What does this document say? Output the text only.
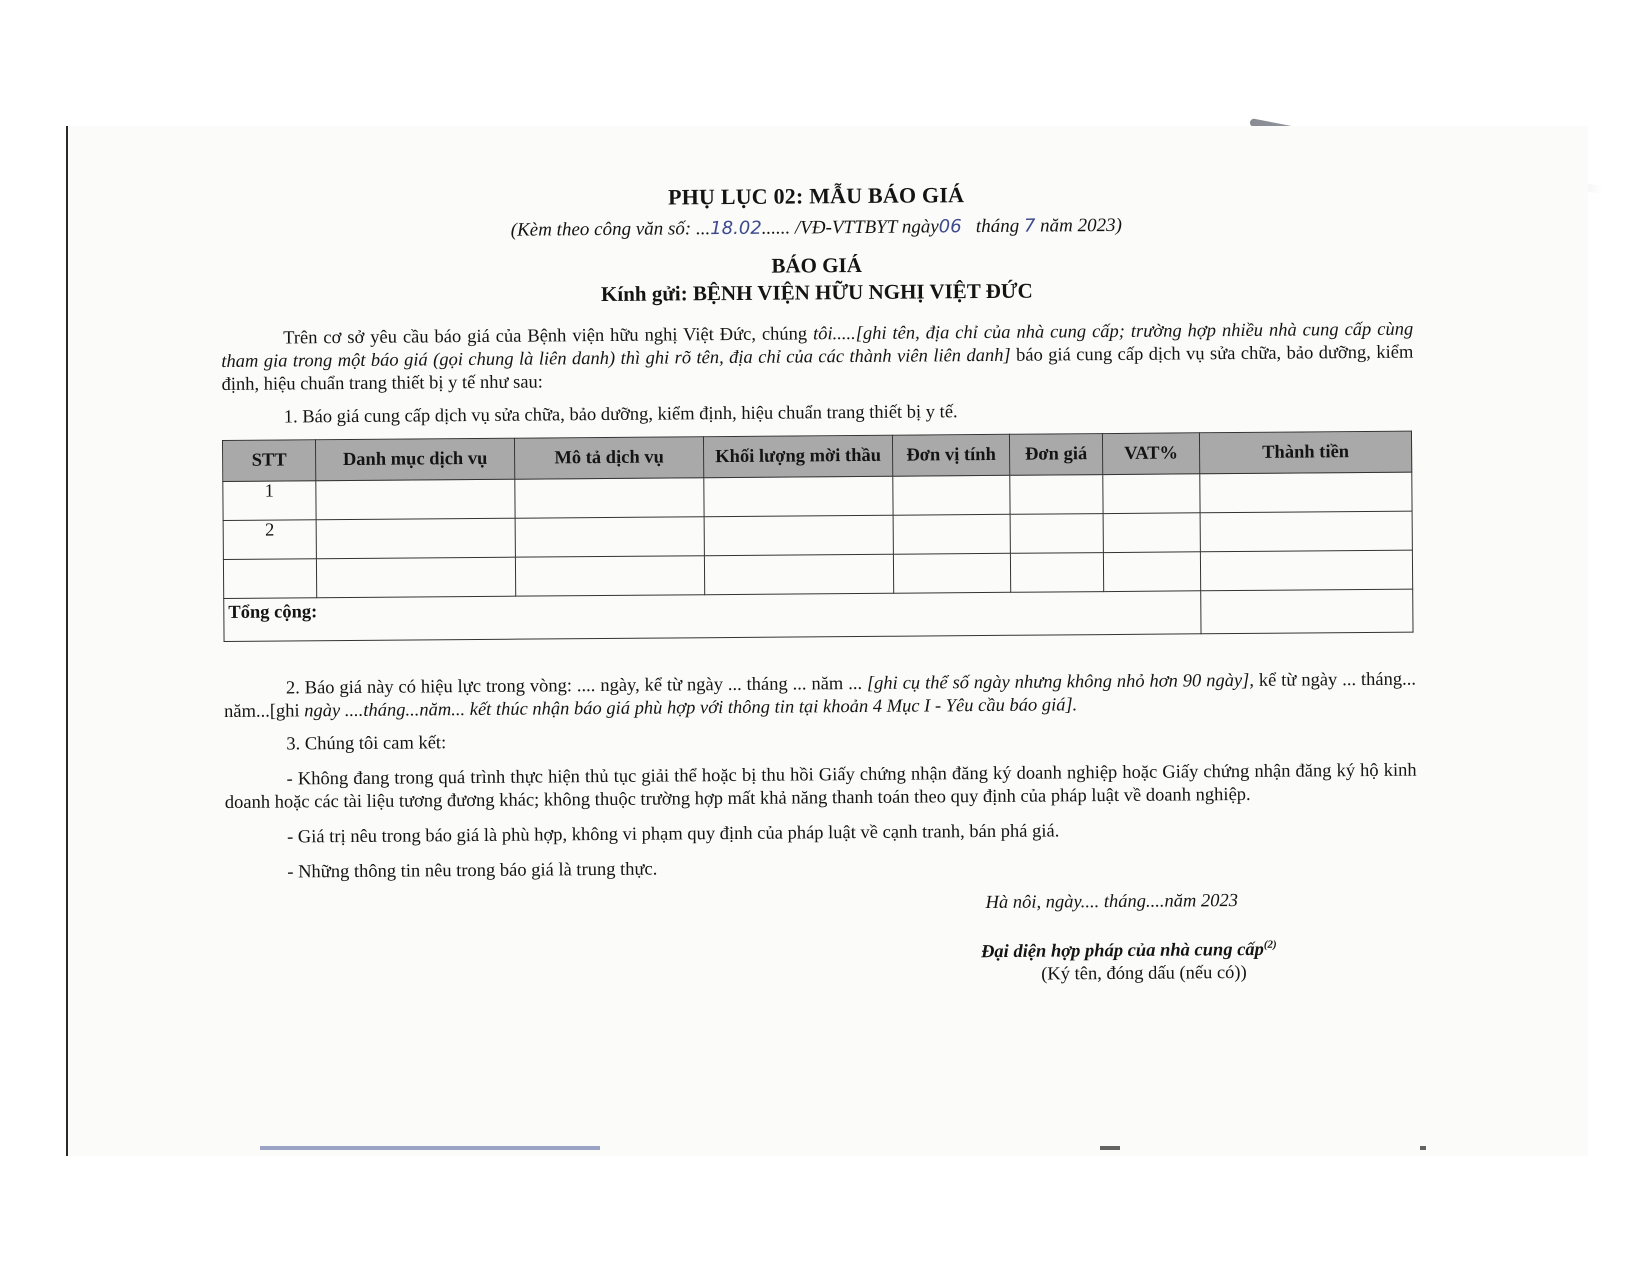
PHỤ LỤC 02: MẪU BÁO GIÁ
(Kèm theo công văn số: ...18.02...... /VĐ-VTTBYT ngày06 tháng 7 năm 2023)
BÁO GIÁ
Kính gửi: BỆNH VIỆN HỮU NGHỊ VIỆT ĐỨC

Trên cơ sở yêu cầu báo giá của Bệnh viện hữu nghị Việt Đức, chúng tôi.....[ghi tên, địa chỉ của nhà cung cấp; trường hợp nhiều nhà cung cấp cùng tham gia trong một báo giá (gọi chung là liên danh) thì ghi rõ tên, địa chỉ của các thành viên liên danh] báo giá cung cấp dịch vụ sửa chữa, bảo dưỡng, kiểm định, hiệu chuẩn trang thiết bị y tế như sau:

1. Báo giá cung cấp dịch vụ sửa chữa, bảo dưỡng, kiểm định, hiệu chuẩn trang thiết bị y tế.

STT	Danh mục dịch vụ	Mô tả dịch vụ	Khối lượng mời thầu	Đơn vị tính	Đơn giá	VAT%	Thành tiền
1							
2							

Tổng cộng:							

2. Báo giá này có hiệu lực trong vòng: .... ngày, kể từ ngày ... tháng ... năm ... [ghi cụ thể số ngày nhưng không nhỏ hơn 90 ngày], kể từ ngày ... tháng... năm...[ghi ngày ....tháng...năm... kết thúc nhận báo giá phù hợp với thông tin tại khoản 4 Mục I - Yêu cầu báo giá].

3. Chúng tôi cam kết:

- Không đang trong quá trình thực hiện thủ tục giải thể hoặc bị thu hồi Giấy chứng nhận đăng ký doanh nghiệp hoặc Giấy chứng nhận đăng ký hộ kinh doanh hoặc các tài liệu tương đương khác; không thuộc trường hợp mất khả năng thanh toán theo quy định của pháp luật về doanh nghiệp.

- Giá trị nêu trong báo giá là phù hợp, không vi phạm quy định của pháp luật về cạnh tranh, bán phá giá.

- Những thông tin nêu trong báo giá là trung thực.

Hà nôi, ngày.... tháng....năm 2023
Đại diện hợp pháp của nhà cung cấp$^{(2)}$
(Ký tên, đóng dấu (nếu có))
